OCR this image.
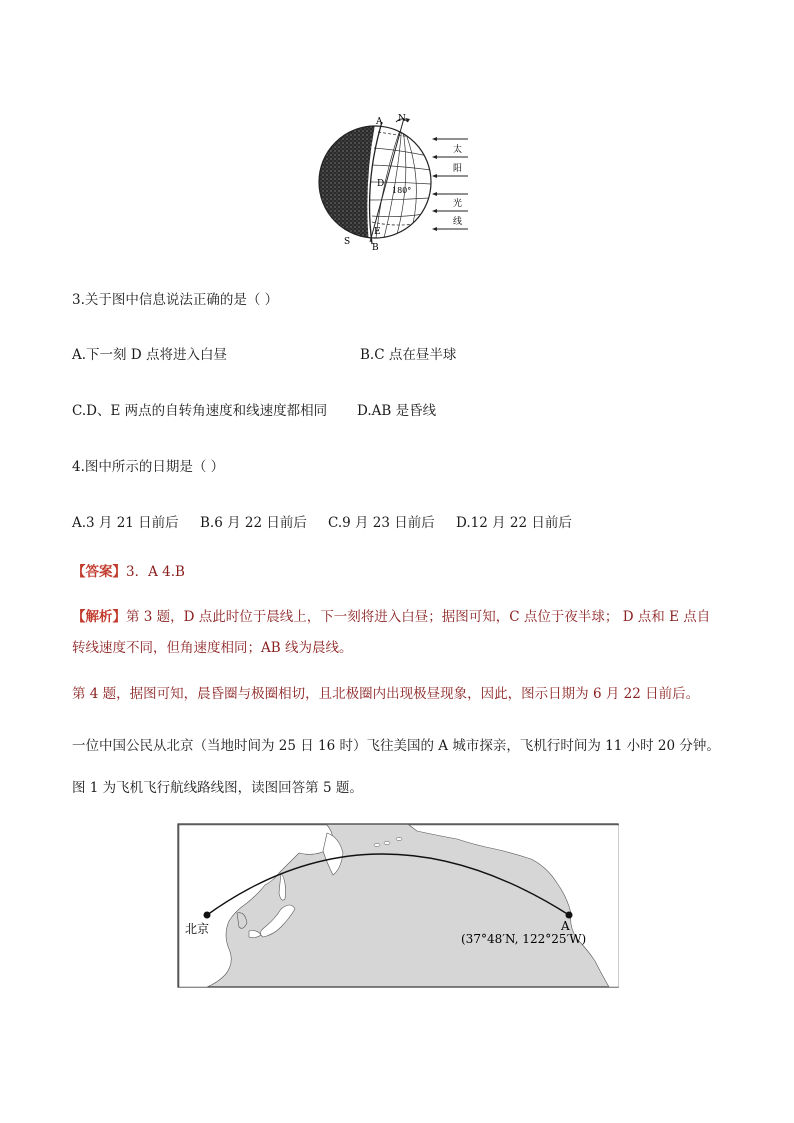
A N
D
180°
E
B
S
太
阳
光
线
3.关于图中信息说法正确的是（ ）
A.下一刻 D 点将进入白昼	B.C 点在昼半球
C.D、E 两点的自转角速度和线速度都相同 D.AB 是昏线
4.图中所示的日期是（ ）
A.3 月 21 日前后 B.6 月 22 日前后 C.9 月 23 日前后 D.12 月 22 日前后
【答案】3．A 4.B
【解析】第 3 题，D 点此时位于晨线上，下一刻将进入白昼；据图可知，C 点位于夜半球； D 点和 E 点自
转线速度不同，但角速度相同；AB 线为晨线。
第 4 题，据图可知，晨昏圈与极圈相切，且北极圈内出现极昼现象，因此，图示日期为 6 月 22 日前后。
一位中国公民从北京（当地时间为 25 日 16 时）飞往美国的 A 城市探亲，飞机行时间为 11 小时 20 分钟。
图 1 为飞机飞行航线路线图，读图回答第 5 题。
北京	A
(37°48′N, 122°25′W)
